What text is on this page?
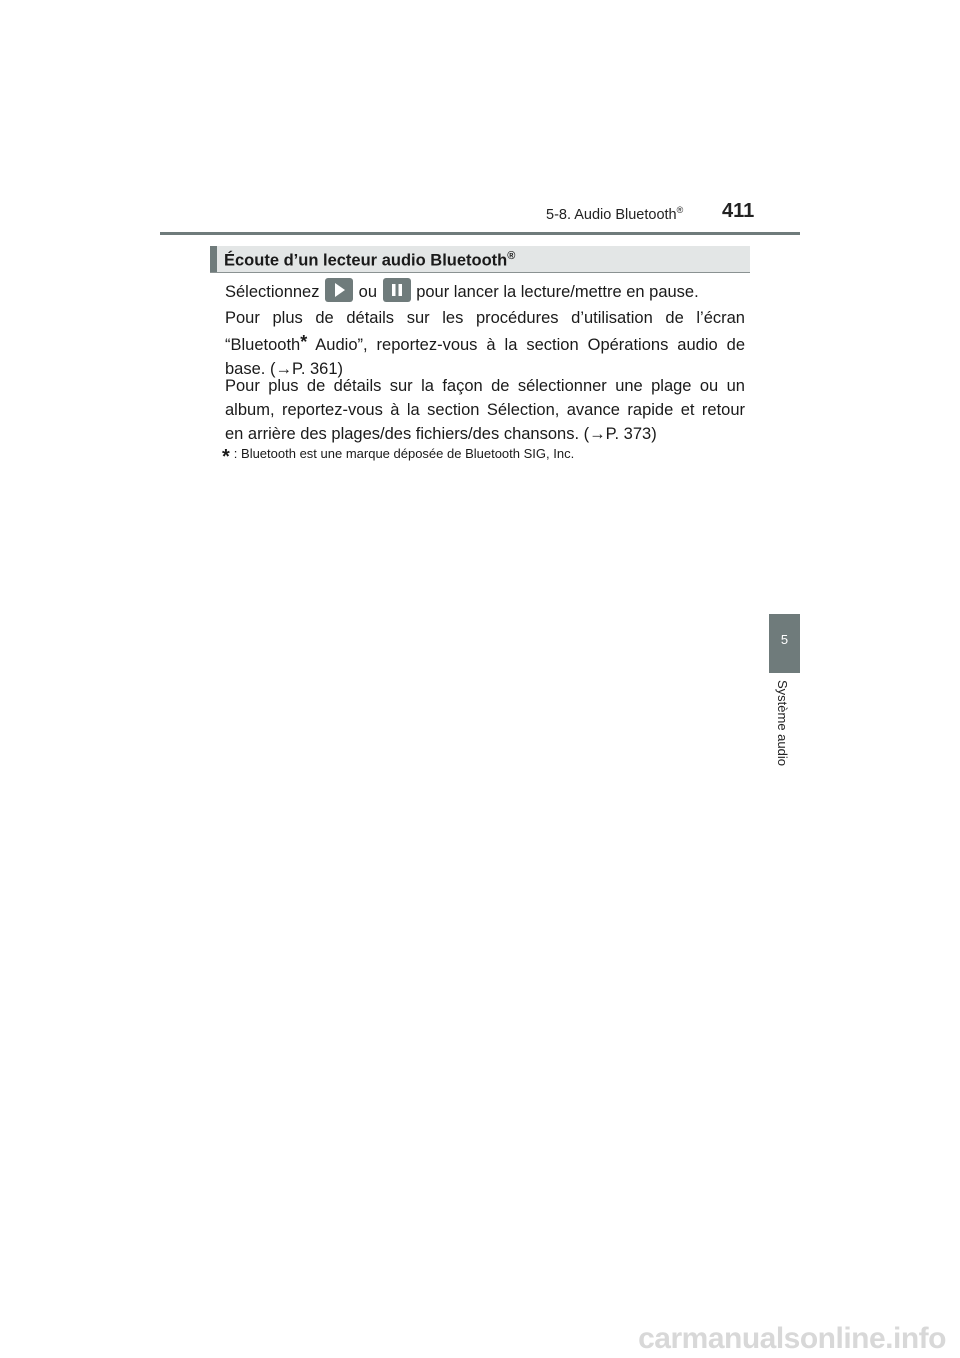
5-8. Audio Bluetooth® 411
Écoute d’un lecteur audio Bluetooth®
Sélectionnez
ou
pour lancer la lecture/mettre en pause.
Pour plus de détails sur les procédures d’utilisation de l’écran
“Bluetooth* Audio”, reportez-vous à la section Opérations audio de
base. (→P. 361)
Pour plus de détails sur la façon de sélectionner une plage ou un
album, reportez-vous à la section Sélection, avance rapide et retour
en arrière des plages/des fichiers/des chansons. (→P. 373)
* : Bluetooth est une marque déposée de Bluetooth SIG, Inc.
5
Système audio
carmanualsonline.info
